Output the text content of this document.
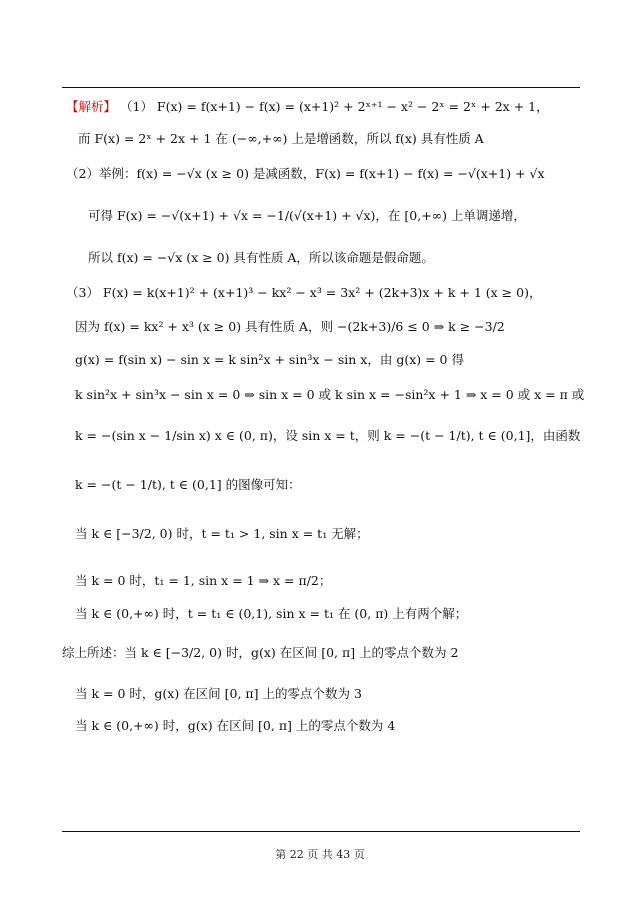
【解析】 （1） F(x) = f(x+1) − f(x) = (x+1)² + 2ˣ⁺¹ − x² − 2ˣ = 2ˣ + 2x + 1，
而 F(x) = 2ˣ + 2x + 1 在 (−∞,+∞) 上是增函数，所以 f(x) 具有性质 A
（2）举例：f(x) = −√x (x ≥ 0) 是减函数，F(x) = f(x+1) − f(x) = −√(x+1) + √x
可得 F(x) = −√(x+1) + √x = −1/(√(x+1) + √x)，在 [0,+∞) 上单调递增，
所以 f(x) = −√x (x ≥ 0) 具有性质 A，所以该命题是假命题。
（3） F(x) = k(x+1)² + (x+1)³ − kx² − x³ = 3x² + (2k+3)x + k + 1 (x ≥ 0)，
因为 f(x) = kx² + x³ (x ≥ 0) 具有性质 A，则 −(2k+3)/6 ≤ 0 ⇒ k ≥ −3/2
g(x) = f(sin x) − sin x = k sin²x + sin³x − sin x，由 g(x) = 0 得
k sin²x + sin³x − sin x = 0 ⇒ sin x = 0 或 k sin x = −sin²x + 1 ⇒ x = 0 或 x = π 或
k = −(sin x − 1/sin x) x ∈ (0, π)，设 sin x = t，则 k = −(t − 1/t), t ∈ (0,1]，由函数
k = −(t − 1/t), t ∈ (0,1] 的图像可知：
当 k ∈ [−3/2, 0) 时，t = t₁ > 1, sin x = t₁ 无解；
当 k = 0 时，t₁ = 1, sin x = 1 ⇒ x = π/2；
当 k ∈ (0,+∞) 时，t = t₁ ∈ (0,1), sin x = t₁ 在 (0, π) 上有两个解；
综上所述：当 k ∈ [−3/2, 0) 时，g(x) 在区间 [0, π] 上的零点个数为 2
当 k = 0 时，g(x) 在区间 [0, π] 上的零点个数为 3
当 k ∈ (0,+∞) 时，g(x) 在区间 [0, π] 上的零点个数为 4
第 22 页 共 43 页
